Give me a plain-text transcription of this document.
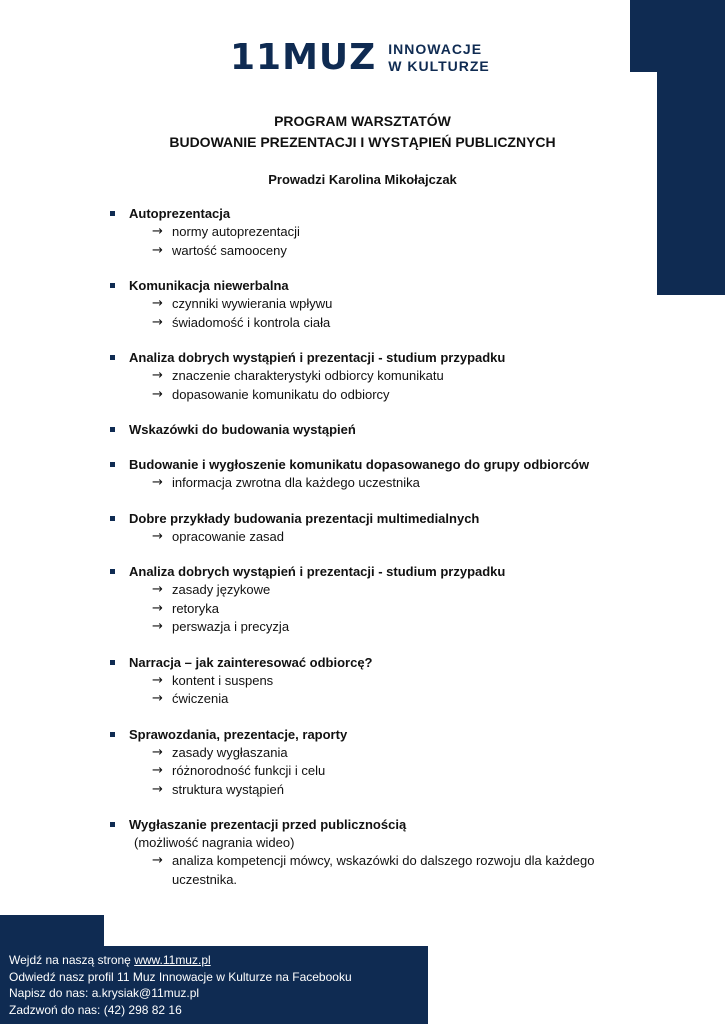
11MUZ INNOWACJE
W KULTURZE
PROGRAM WARSZTATÓW
BUDOWANIE PREZENTACJI I WYSTĄPIEŃ PUBLICZNYCH
Prowadzi Karolina Mikołajczak
Autoprezentacja
→ normy autoprezentacji
→ wartość samooceny
Komunikacja niewerbalna
→ czynniki wywierania wpływu
→ świadomość i kontrola ciała
Analiza dobrych wystąpień i prezentacji - studium przypadku
→ znaczenie charakterystyki odbiorcy komunikatu
→ dopasowanie komunikatu do odbiorcy
Wskazówki do budowania wystąpień
Budowanie i wygłoszenie komunikatu dopasowanego do grupy odbiorców
→ informacja zwrotna dla każdego uczestnika
Dobre przykłady budowania prezentacji multimedialnych
→ opracowanie zasad
Analiza dobrych wystąpień i prezentacji - studium przypadku
→ zasady językowe
→ retoryka
→ perswazja i precyzja
Narracja – jak zainteresować odbiorcę?
→ kontent i suspens
→ ćwiczenia
Sprawozdania, prezentacje, raporty
→ zasady wygłaszania
→ różnorodność funkcji i celu
→ struktura wystąpień
Wygłaszanie prezentacji przed publicznością
(możliwość nagrania wideo)
→ analiza kompetencji mówcy, wskazówki do dalszego rozwoju dla każdego uczestnika.
Wejdź na naszą stronę www.11muz.pl
Odwiedź nasz profil 11 Muz Innowacje w Kulturze na Facebooku
Napisz do nas: a.krysiak@11muz.pl
Zadzwoń do nas: (42) 298 82 16
